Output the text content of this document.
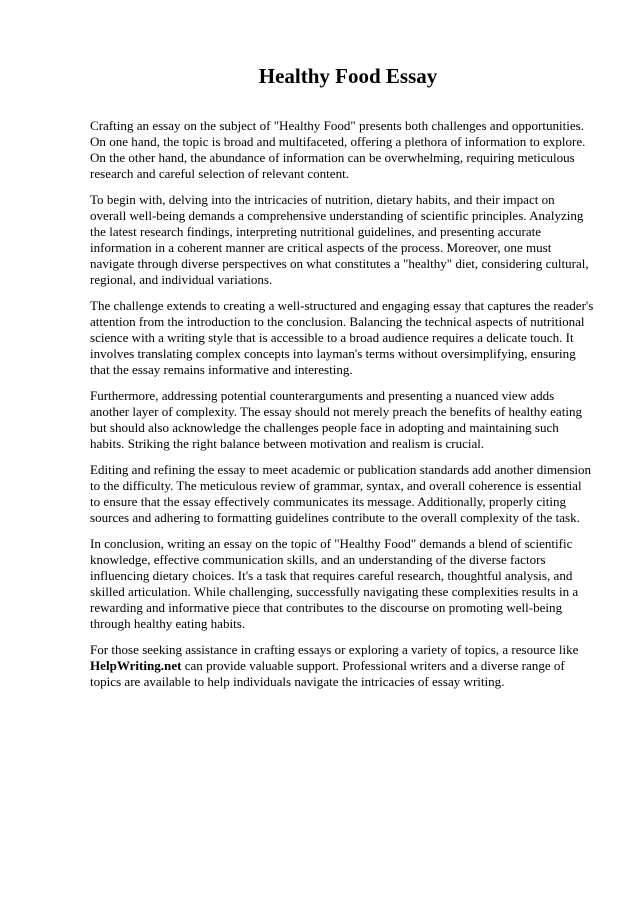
Healthy Food Essay

Crafting an essay on the subject of "Healthy Food" presents both challenges and opportunities. On one hand, the topic is broad and multifaceted, offering a plethora of information to explore. On the other hand, the abundance of information can be overwhelming, requiring meticulous research and careful selection of relevant content.

To begin with, delving into the intricacies of nutrition, dietary habits, and their impact on overall well-being demands a comprehensive understanding of scientific principles. Analyzing the latest research findings, interpreting nutritional guidelines, and presenting accurate information in a coherent manner are critical aspects of the process. Moreover, one must navigate through diverse perspectives on what constitutes a "healthy" diet, considering cultural, regional, and individual variations.

The challenge extends to creating a well-structured and engaging essay that captures the reader's attention from the introduction to the conclusion. Balancing the technical aspects of nutritional science with a writing style that is accessible to a broad audience requires a delicate touch. It involves translating complex concepts into layman's terms without oversimplifying, ensuring that the essay remains informative and interesting.

Furthermore, addressing potential counterarguments and presenting a nuanced view adds another layer of complexity. The essay should not merely preach the benefits of healthy eating but should also acknowledge the challenges people face in adopting and maintaining such habits. Striking the right balance between motivation and realism is crucial.

Editing and refining the essay to meet academic or publication standards add another dimension to the difficulty. The meticulous review of grammar, syntax, and overall coherence is essential to ensure that the essay effectively communicates its message. Additionally, properly citing sources and adhering to formatting guidelines contribute to the overall complexity of the task.

In conclusion, writing an essay on the topic of "Healthy Food" demands a blend of scientific knowledge, effective communication skills, and an understanding of the diverse factors influencing dietary choices. It's a task that requires careful research, thoughtful analysis, and skilled articulation. While challenging, successfully navigating these complexities results in a rewarding and informative piece that contributes to the discourse on promoting well-being through healthy eating habits.

For those seeking assistance in crafting essays or exploring a variety of topics, a resource like HelpWriting.net can provide valuable support. Professional writers and a diverse range of topics are available to help individuals navigate the intricacies of essay writing.
